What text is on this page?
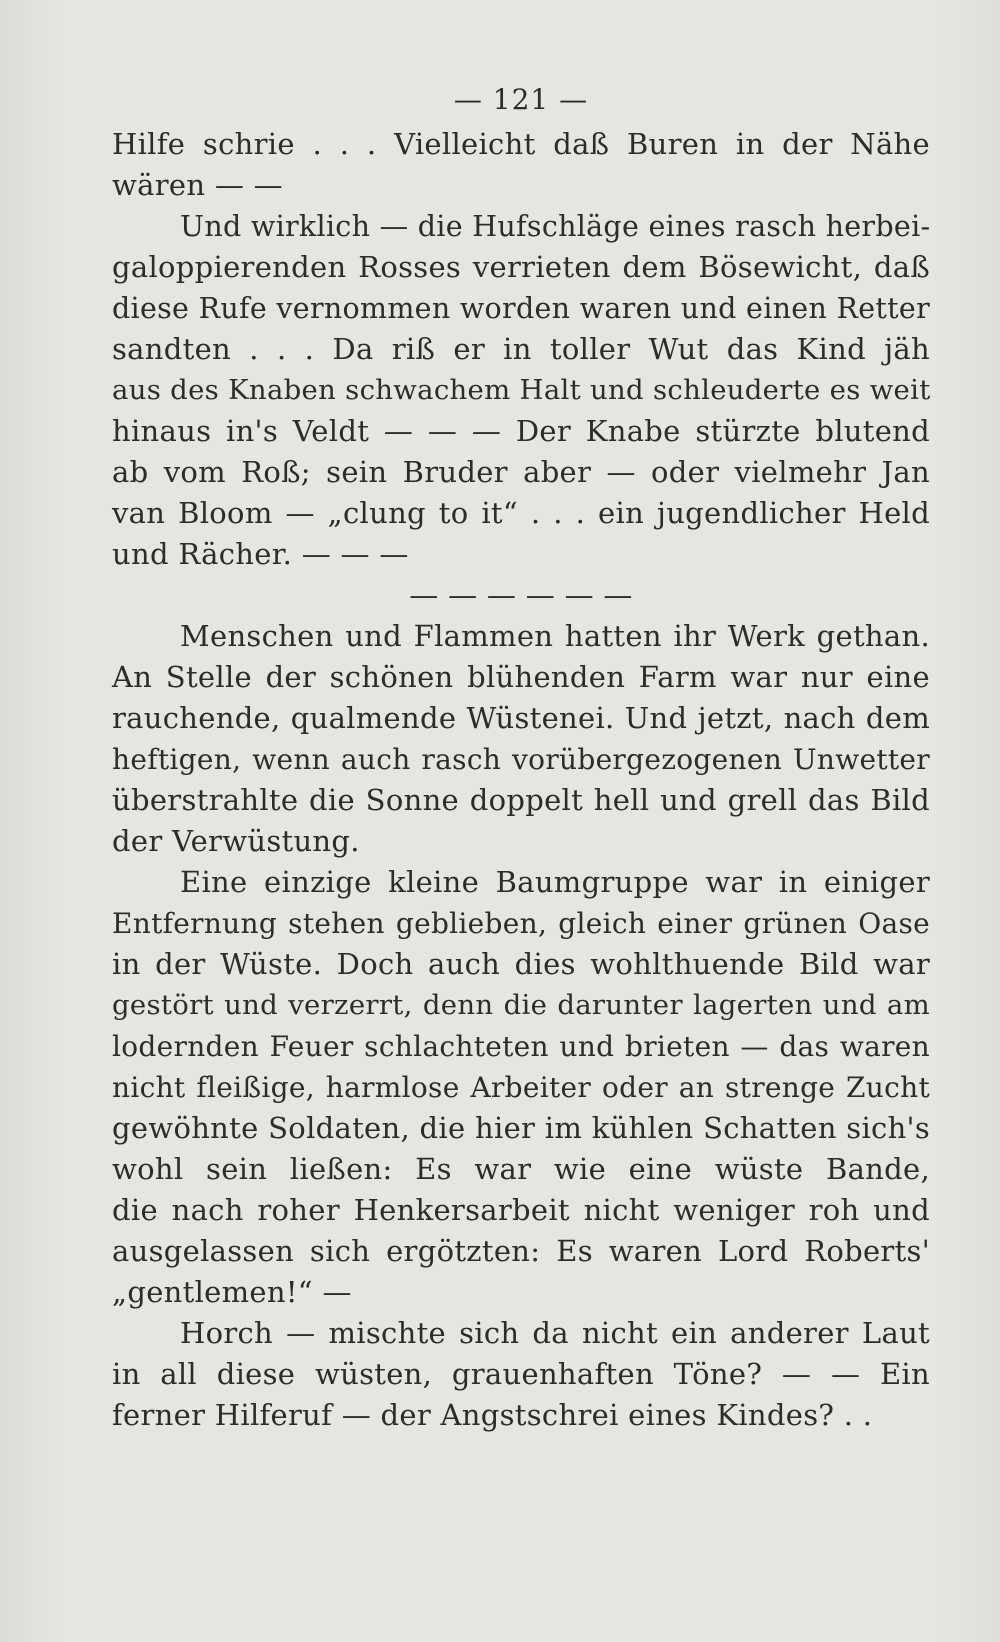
— 121 —
Hilfe schrie . . . Vielleicht daß Buren in der Nähe
wären — —
Und wirklich — die Hufschläge eines rasch herbei-
galoppierenden Rosses verrieten dem Bösewicht, daß
diese Rufe vernommen worden waren und einen Retter
sandten . . . Da riß er in toller Wut das Kind jäh
aus des Knaben schwachem Halt und schleuderte es weit
hinaus in's Veldt — — — Der Knabe stürzte blutend
ab vom Roß; sein Bruder aber — oder vielmehr Jan
van Bloom — „clung to it“ . . . ein jugendlicher Held
und Rächer. — — —
— — — — — —
Menschen und Flammen hatten ihr Werk gethan.
An Stelle der schönen blühenden Farm war nur eine
rauchende, qualmende Wüstenei. Und jetzt, nach dem
heftigen, wenn auch rasch vorübergezogenen Unwetter
überstrahlte die Sonne doppelt hell und grell das Bild
der Verwüstung.
Eine einzige kleine Baumgruppe war in einiger
Entfernung stehen geblieben, gleich einer grünen Oase
in der Wüste. Doch auch dies wohlthuende Bild war
gestört und verzerrt, denn die darunter lagerten und am
lodernden Feuer schlachteten und brieten — das waren
nicht fleißige, harmlose Arbeiter oder an strenge Zucht
gewöhnte Soldaten, die hier im kühlen Schatten sich's
wohl sein ließen: Es war wie eine wüste Bande,
die nach roher Henkersarbeit nicht weniger roh und
ausgelassen sich ergötzten: Es waren Lord Roberts'
„gentlemen!“ —
Horch — mischte sich da nicht ein anderer Laut
in all diese wüsten, grauenhaften Töne? — — Ein
ferner Hilferuf — der Angstschrei eines Kindes? . .
